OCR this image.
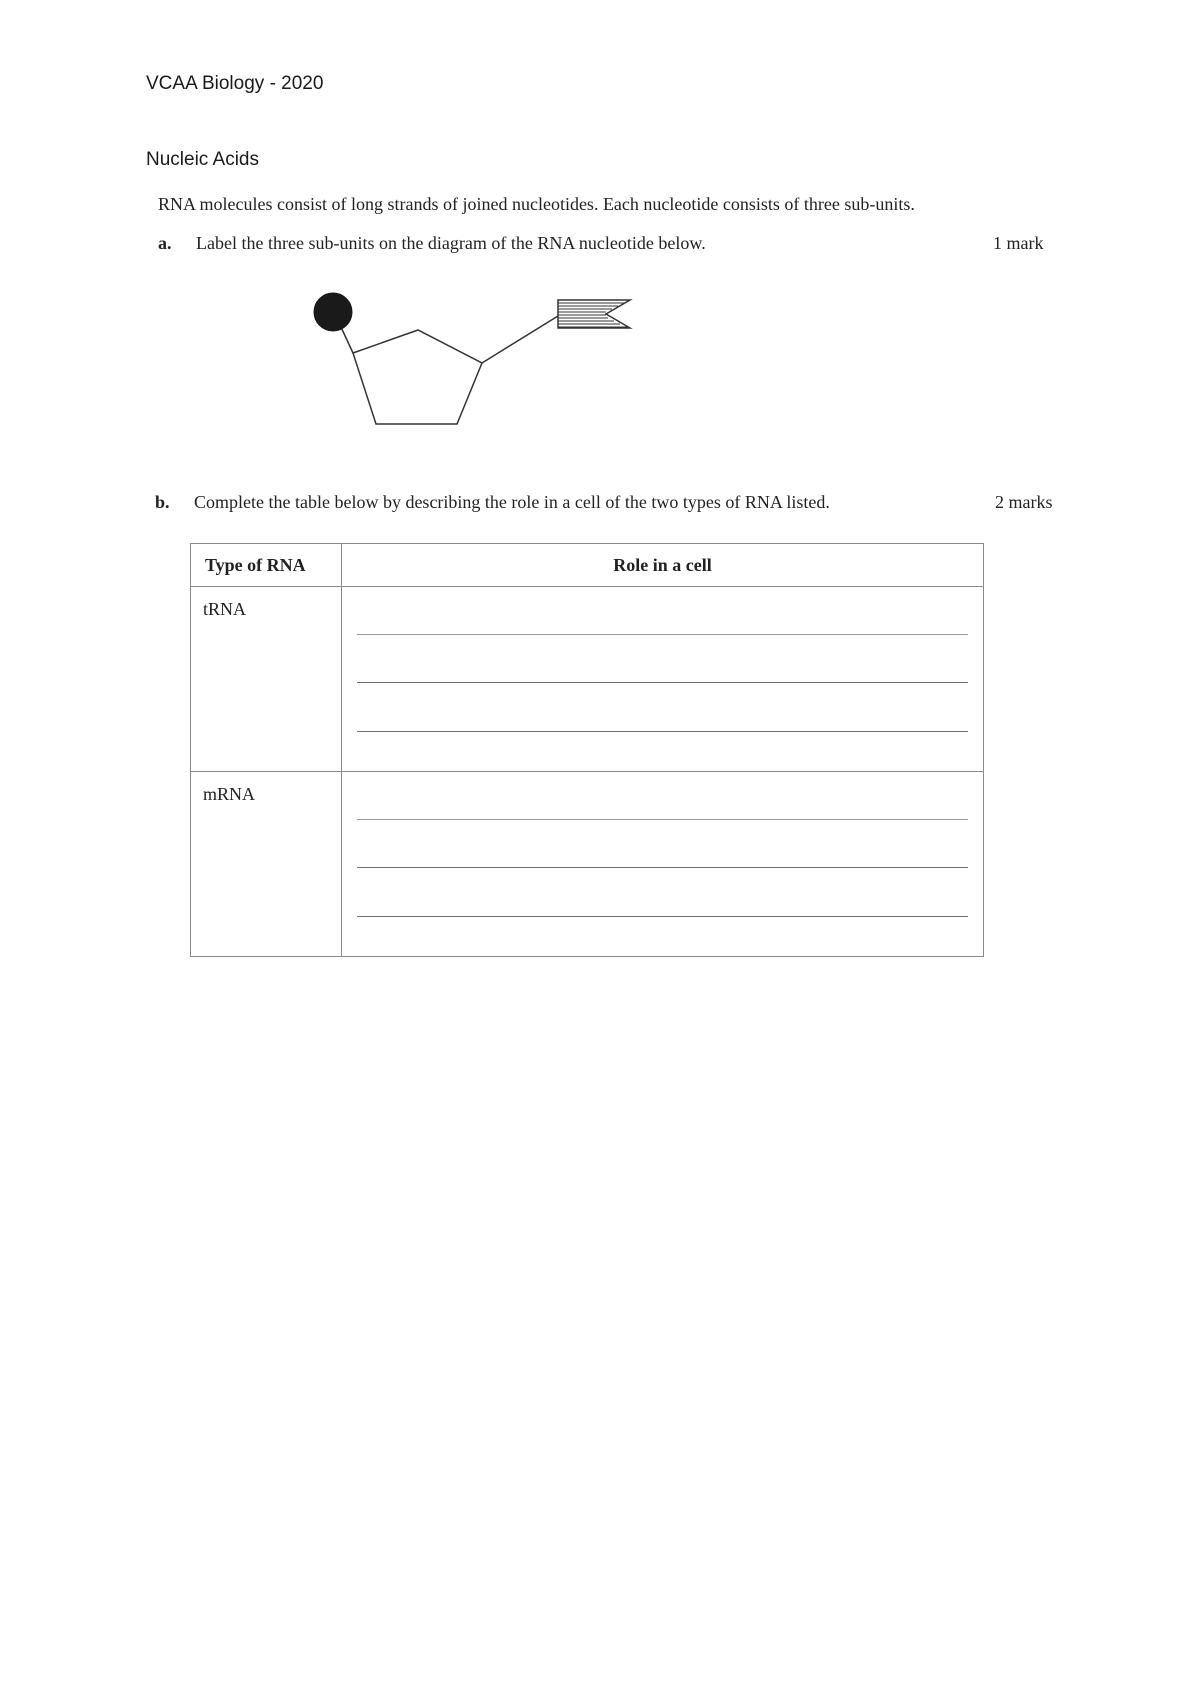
VCAA Biology - 2020
Nucleic Acids
RNA molecules consist of long strands of joined nucleotides. Each nucleotide consists of three sub-units.
a. Label the three sub-units on the diagram of the RNA nucleotide below.	1 mark
b. Complete the table below by describing the role in a cell of the two types of RNA listed.	2 marks
Type of RNA	Role in a cell
tRNA	

mRNA	
